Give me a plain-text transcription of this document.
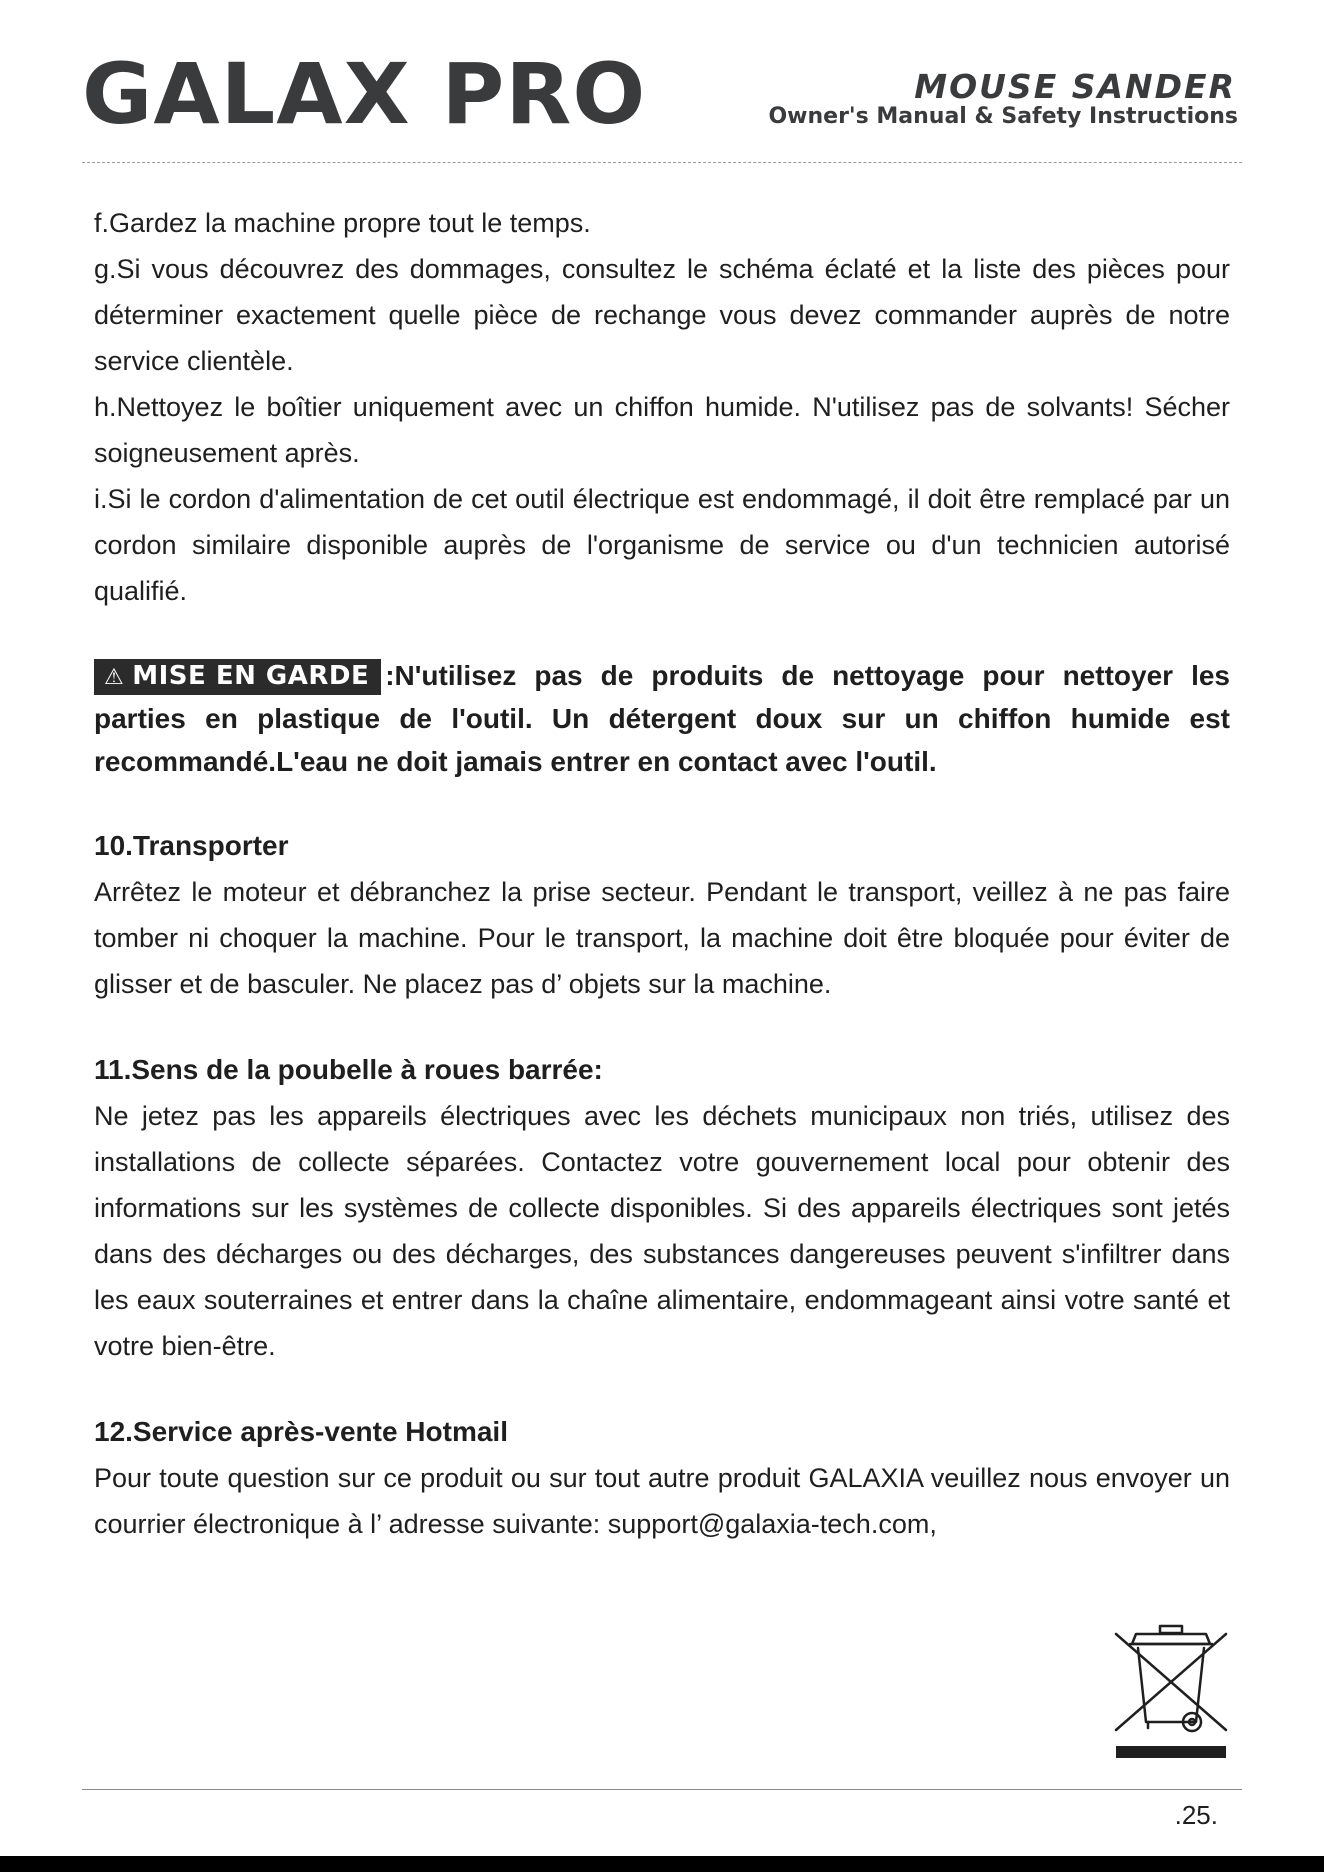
GALAX PRO	MOUSE SANDER
Owner's Manual & Safety Instructions

f.Gardez la machine propre tout le temps.

g.Si vous découvrez des dommages, consultez le schéma éclaté et la liste des pièces pour déterminer exactement quelle pièce de rechange vous devez commander auprès de notre service clientèle.

h.Nettoyez le boîtier uniquement avec un chiffon humide. N'utilisez pas de solvants! Sécher soigneusement après.

i.Si le cordon d'alimentation de cet outil électrique est endommagé, il doit être remplacé par un cordon similaire disponible auprès de l'organisme de service ou d'un technicien autorisé qualifié.

⚠ MISE EN GARDE :N'utilisez pas de produits de nettoyage pour nettoyer les parties en plastique de l'outil. Un détergent doux sur un chiffon humide est recommandé.L'eau ne doit jamais entrer en contact avec l'outil.
10.Transporter

Arrêtez le moteur et débranchez la prise secteur. Pendant le transport, veillez à ne pas faire tomber ni choquer la machine. Pour le transport, la machine doit être bloquée pour éviter de glisser et de basculer. Ne placez pas d’ objets sur la machine.

11.Sens de la poubelle à roues barrée:

Ne jetez pas les appareils électriques avec les déchets municipaux non triés, utilisez des installations de collecte séparées. Contactez votre gouvernement local pour obtenir des informations sur les systèmes de collecte disponibles. Si des appareils électriques sont jetés dans des décharges ou des décharges, des substances dangereuses peuvent s'infiltrer dans les eaux souterraines et entrer dans la chaîne alimentaire, endommageant ainsi votre santé et votre bien-être.

12.Service après-vente Hotmail

Pour toute question sur ce produit ou sur tout autre produit GALAXIA veuillez nous envoyer un courrier électronique à l’ adresse suivante: support@galaxia-tech.com,

.25.
